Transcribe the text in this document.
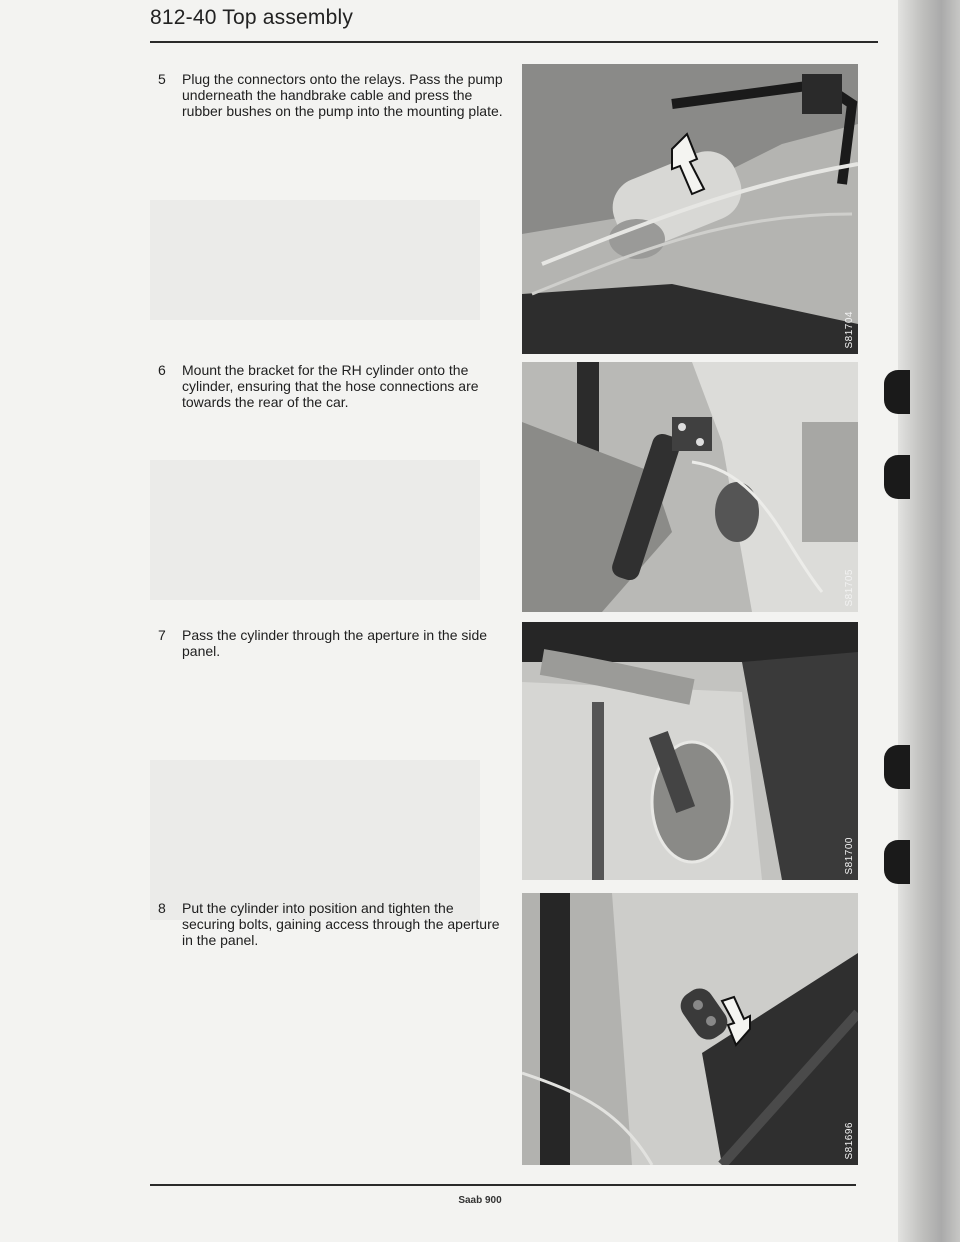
812-40 Top assembly
5 Plug the connectors onto the relays. Pass the pump underneath the handbrake cable and press the rubber bushes on the pump into the mounting plate.
S81704
6 Mount the bracket for the RH cylinder onto the cylinder, ensuring that the hose connections are towards the rear of the car.
S81705
7 Pass the cylinder through the aperture in the side panel.
S81700
8 Put the cylinder into position and tighten the securing bolts, gaining access through the aperture in the panel.
S81696
Saab 900
